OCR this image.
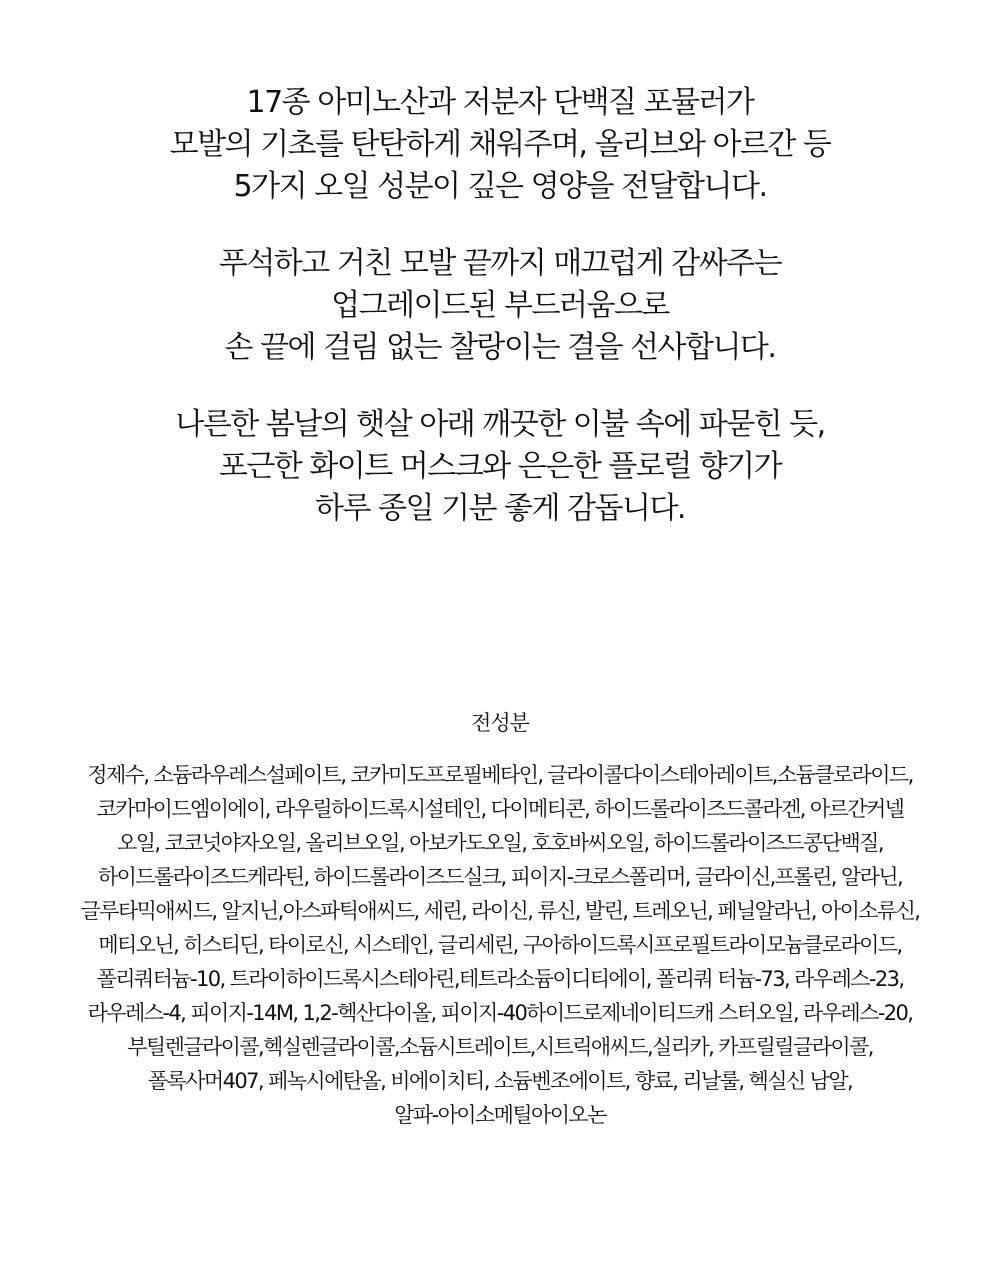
17종 아미노산과 저분자 단백질 포뮬러가
모발의 기초를 탄탄하게 채워주며, 올리브와 아르간 등
5가지 오일 성분이 깊은 영양을 전달합니다.

푸석하고 거친 모발 끝까지 매끄럽게 감싸주는
업그레이드된 부드러움으로
손 끝에 걸림 없는 찰랑이는 결을 선사합니다.

나른한 봄날의 햇살 아래 깨끗한 이불 속에 파묻힌 듯,
포근한 화이트 머스크와 은은한 플로럴 향기가
하루 종일 기분 좋게 감돕니다.

전성분
정제수, 소듐라우레스설페이트, 코카미도프로필베타인, 글라이콜다이스테아레이트,소듐클로라이드,
코카마이드엠이에이, 라우릴하이드록시설테인, 다이메티콘, 하이드롤라이즈드콜라겐, 아르간커넬
오일, 코코넛야자오일, 올리브오일, 아보카도오일, 호호바씨오일, 하이드롤라이즈드콩단백질,
하이드롤라이즈드케라틴, 하이드롤라이즈드실크, 피이지-크로스폴리머, 글라이신,프롤린, 알라닌,
글루타믹애씨드, 알지닌,아스파틱애씨드, 세린, 라이신, 류신, 발린, 트레오닌, 페닐알라닌, 아이소류신,
메티오닌, 히스티딘, 타이로신, 시스테인, 글리세린, 구아하이드록시프로필트라이모늄클로라이드,
폴리쿼터늄-10, 트라이하이드록시스테아린,테트라소듐이디티에이, 폴리쿼 터늄-73, 라우레스-23,
라우레스-4, 피이지-14M, 1,2-헥산다이올, 피이지-40하이드로제네이티드캐 스터오일, 라우레스-20,
부틸렌글라이콜,헥실렌글라이콜,소듐시트레이트,시트릭애씨드,실리카, 카프릴릴글라이콜,
폴록사머407, 페녹시에탄올, 비에이치티, 소듐벤조에이트, 향료, 리날룰, 헥실신 남알,
알파-아이소메틸아이오논
